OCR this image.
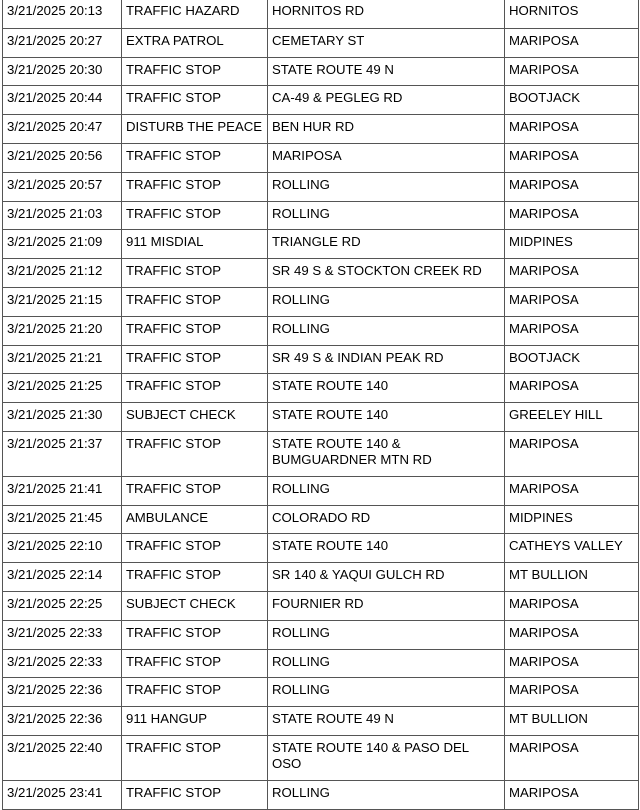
3/21/2025 20:13	TRAFFIC HAZARD	HORNITOS RD	HORNITOS
3/21/2025 20:27	EXTRA PATROL	CEMETARY ST	MARIPOSA
3/21/2025 20:30	TRAFFIC STOP	STATE ROUTE 49 N	MARIPOSA
3/21/2025 20:44	TRAFFIC STOP	CA-49 & PEGLEG RD	BOOTJACK
3/21/2025 20:47	DISTURB THE PEACE	BEN HUR RD	MARIPOSA
3/21/2025 20:56	TRAFFIC STOP	MARIPOSA	MARIPOSA
3/21/2025 20:57	TRAFFIC STOP	ROLLING	MARIPOSA
3/21/2025 21:03	TRAFFIC STOP	ROLLING	MARIPOSA
3/21/2025 21:09	911 MISDIAL	TRIANGLE RD	MIDPINES
3/21/2025 21:12	TRAFFIC STOP	SR 49 S & STOCKTON CREEK RD	MARIPOSA
3/21/2025 21:15	TRAFFIC STOP	ROLLING	MARIPOSA
3/21/2025 21:20	TRAFFIC STOP	ROLLING	MARIPOSA
3/21/2025 21:21	TRAFFIC STOP	SR 49 S & INDIAN PEAK RD	BOOTJACK
3/21/2025 21:25	TRAFFIC STOP	STATE ROUTE 140	MARIPOSA
3/21/2025 21:30	SUBJECT CHECK	STATE ROUTE 140	GREELEY HILL
3/21/2025 21:37	TRAFFIC STOP	STATE ROUTE 140 & BUMGUARDNER MTN RD	MARIPOSA
3/21/2025 21:41	TRAFFIC STOP	ROLLING	MARIPOSA
3/21/2025 21:45	AMBULANCE	COLORADO RD	MIDPINES
3/21/2025 22:10	TRAFFIC STOP	STATE ROUTE 140	CATHEYS VALLEY
3/21/2025 22:14	TRAFFIC STOP	SR 140 & YAQUI GULCH RD	MT BULLION
3/21/2025 22:25	SUBJECT CHECK	FOURNIER RD	MARIPOSA
3/21/2025 22:33	TRAFFIC STOP	ROLLING	MARIPOSA
3/21/2025 22:33	TRAFFIC STOP	ROLLING	MARIPOSA
3/21/2025 22:36	TRAFFIC STOP	ROLLING	MARIPOSA
3/21/2025 22:36	911 HANGUP	STATE ROUTE 49 N	MT BULLION
3/21/2025 22:40	TRAFFIC STOP	STATE ROUTE 140 & PASO DEL OSO	MARIPOSA
3/21/2025 23:41	TRAFFIC STOP	ROLLING	MARIPOSA
